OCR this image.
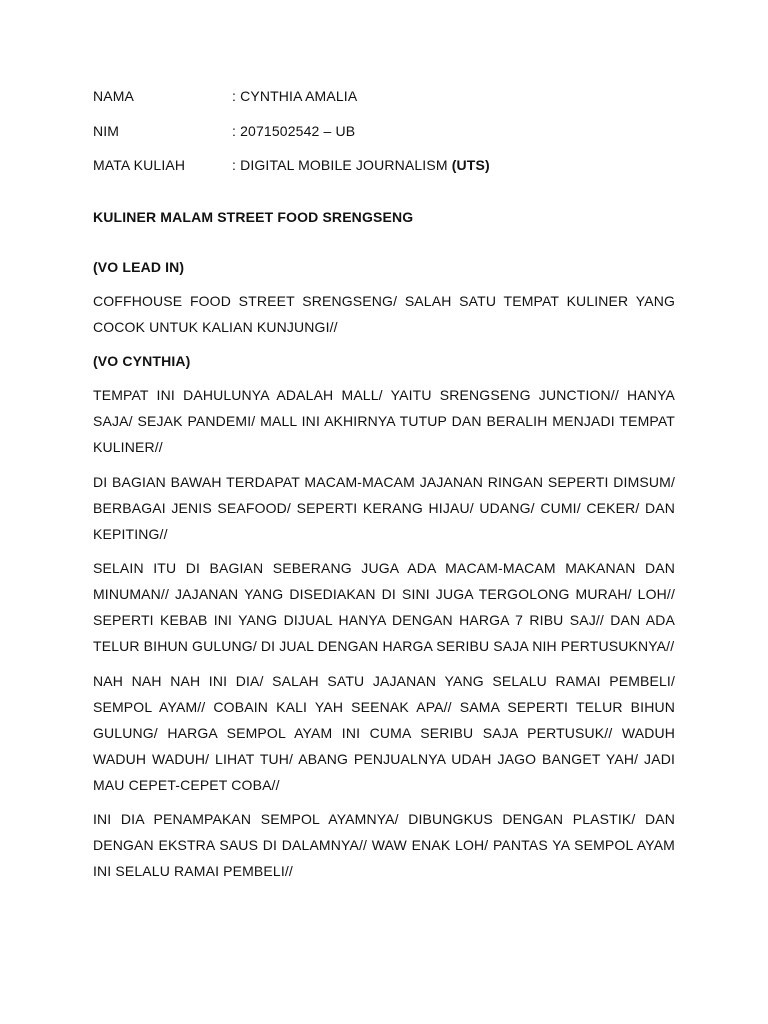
NAMA	: CYNTHIA AMALIA
NIM	: 2071502542 – UB
MATA KULIAH	: DIGITAL MOBILE JOURNALISM (UTS)
KULINER MALAM STREET FOOD SRENGSENG
(VO LEAD IN)

COFFHOUSE FOOD STREET SRENGSENG/ SALAH SATU TEMPAT KULINER YANG COCOK UNTUK KALIAN KUNJUNGI//

(VO CYNTHIA)

TEMPAT INI DAHULUNYA ADALAH MALL/ YAITU SRENGSENG JUNCTION// HANYA SAJA/ SEJAK PANDEMI/ MALL INI AKHIRNYA TUTUP DAN BERALIH MENJADI TEMPAT KULINER//

DI BAGIAN BAWAH TERDAPAT MACAM-MACAM JAJANAN RINGAN SEPERTI DIMSUM/ BERBAGAI JENIS SEAFOOD/ SEPERTI KERANG HIJAU/ UDANG/ CUMI/ CEKER/ DAN KEPITING//

SELAIN ITU DI BAGIAN SEBERANG JUGA ADA MACAM-MACAM MAKANAN DAN MINUMAN// JAJANAN YANG DISEDIAKAN DI SINI JUGA TERGOLONG MURAH/ LOH// SEPERTI KEBAB INI YANG DIJUAL HANYA DENGAN HARGA 7 RIBU SAJ// DAN ADA TELUR BIHUN GULUNG/ DI JUAL DENGAN HARGA SERIBU SAJA NIH PERTUSUKNYA//

NAH NAH NAH INI DIA/ SALAH SATU JAJANAN YANG SELALU RAMAI PEMBELI/ SEMPOL AYAM// COBAIN KALI YAH SEENAK APA// SAMA SEPERTI TELUR BIHUN GULUNG/ HARGA SEMPOL AYAM INI CUMA SERIBU SAJA PERTUSUK// WADUH WADUH WADUH/ LIHAT TUH/ ABANG PENJUALNYA UDAH JAGO BANGET YAH/ JADI MAU CEPET-CEPET COBA//

INI DIA PENAMPAKAN SEMPOL AYAMNYA/ DIBUNGKUS DENGAN PLASTIK/ DAN DENGAN EKSTRA SAUS DI DALAMNYA// WAW ENAK LOH/ PANTAS YA SEMPOL AYAM INI SELALU RAMAI PEMBELI//
